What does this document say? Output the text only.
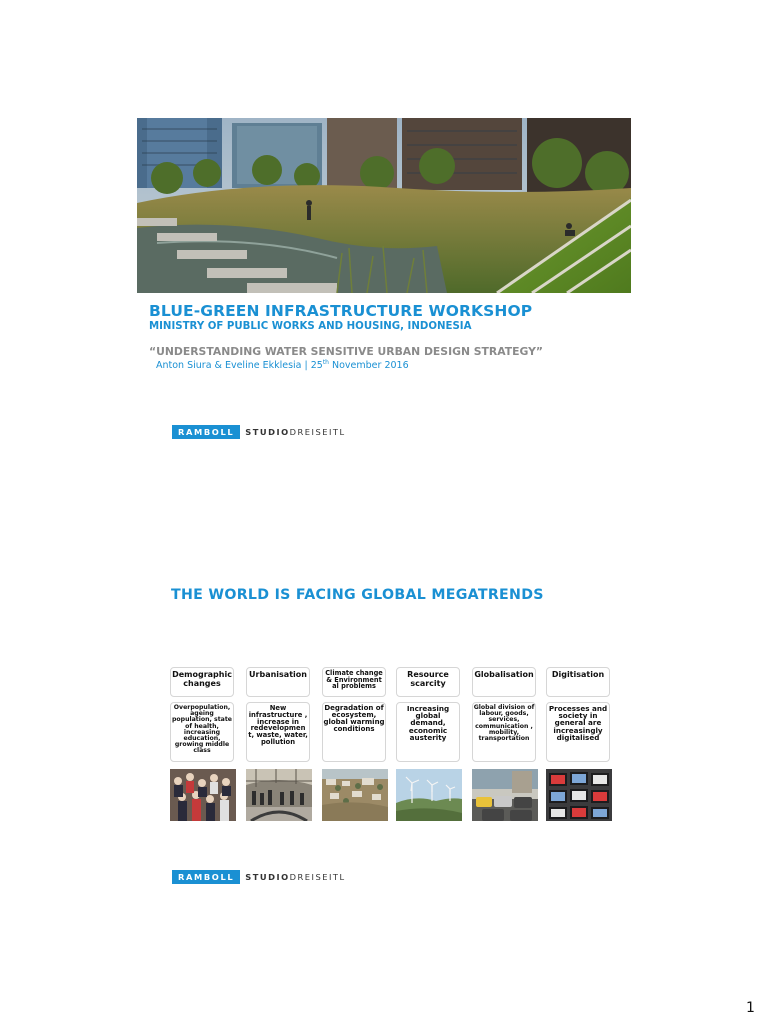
BLUE-GREEN INFRASTRUCTURE WORKSHOP
MINISTRY OF PUBLIC WORKS AND HOUSING, INDONESIA
“UNDERSTANDING WATER SENSITIVE URBAN DESIGN STRATEGY”
Anton Siura & Eveline Ekklesia | 25th November 2016
RAMBOLL	STUDIODREISEITL
THE WORLD IS FACING GLOBAL MEGATRENDS
Demographic changes
Overpopulation, ageing population, state of health, increasing education, growing middle class
Urbanisation
New infrastructure , increase in redevelopmen t, waste, water, pollution
Climate change & Environment al problems
Degradation of ecosystem, global warming conditions
Resource scarcity
Increasing global demand, economic austerity
Globalisation
Global division of labour, goods, services, communication , mobility, transportation
Digitisation
Processes and society in general are increasingly digitalised
RAMBOLL	STUDIODREISEITL
1
